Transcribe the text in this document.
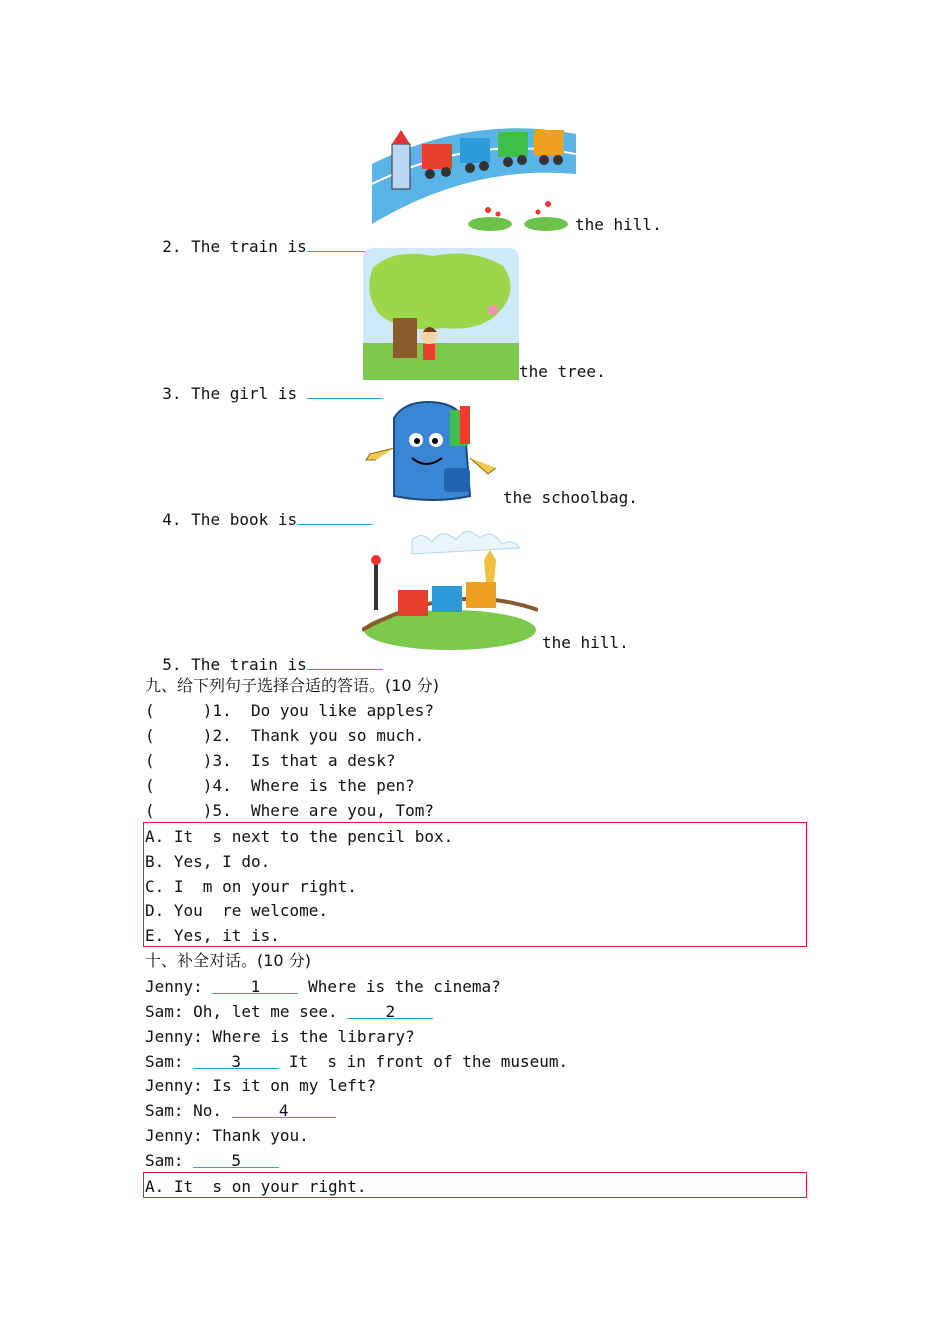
2. The train is

the hill.

3. The girl is

the tree.

4. The book is

the schoolbag.

5. The train is

the hill.
九、给下列句子选择合适的答语。(10 分)
(     )1. Do you like apples?
(     )2. Thank you so much.
(     )3. Is that a desk?
(     )4. Where is the pen?
(     )5. Where are you, Tom?
A. It  s next to the pencil box.
B. Yes, I do.
C. I  m on your right.
D. You  re welcome.
E. Yes, it is.
十、补全对话。(10 分)
Jenny:	1	Where is the cinema?
Sam: Oh, let me see.	2
Jenny: Where is the library?
Sam:	3	It  s in front of the museum.
Jenny: Is it on my left?
Sam: No.	4
Jenny: Thank you.
Sam:	5
A. It  s on your right.
